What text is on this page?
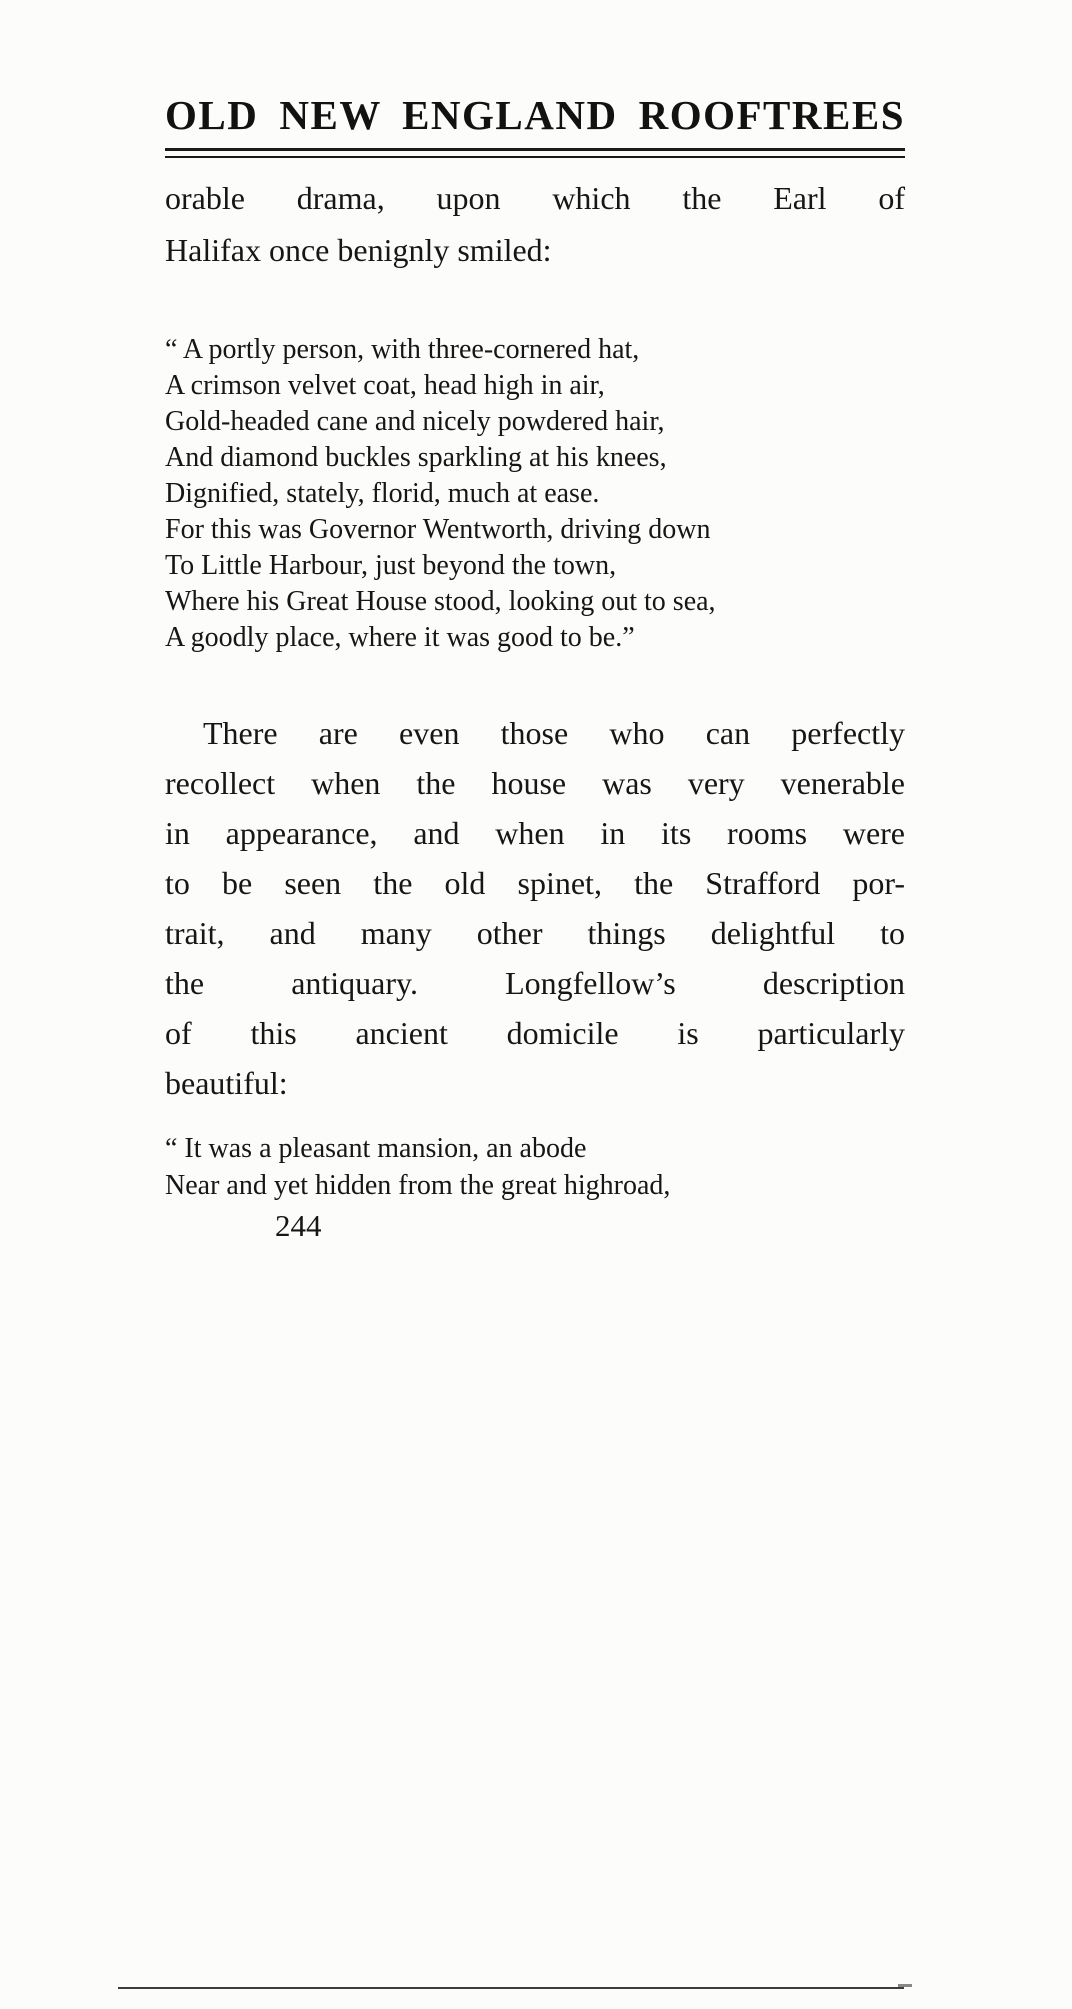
OLD NEW ENGLAND ROOFTREES
orable drama, upon which the Earl of
Halifax once benignly smiled:
“ A portly person, with three-cornered hat,
A crimson velvet coat, head high in air,
Gold-headed cane and nicely powdered hair,
And diamond buckles sparkling at his knees,
Dignified, stately, florid, much at ease.
For this was Governor Wentworth, driving down
To Little Harbour, just beyond the town,
Where his Great House stood, looking out to sea,
A goodly place, where it was good to be.”
There are even those who can perfectly
recollect when the house was very venerable
in appearance, and when in its rooms were
to be seen the old spinet, the Strafford por-
trait, and many other things delightful to
the antiquary. Longfellow’s description
of this ancient domicile is particularly
beautiful:
“ It was a pleasant mansion, an abode
Near and yet hidden from the great highroad,
244
